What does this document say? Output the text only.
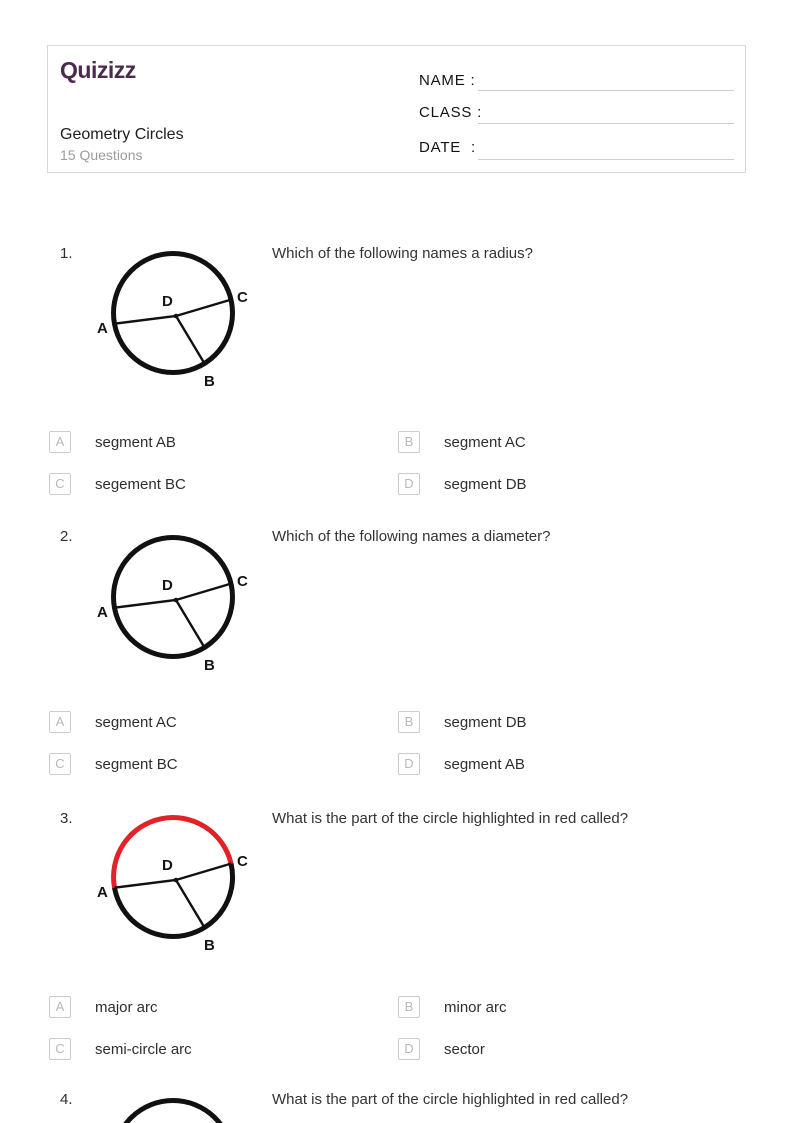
Quizizz
Geometry Circles
15 Questions
NAME :
CLASS :
DATE  :
1.	Which of the following names a radius?
A
D	C
B
A	segment AB	B	segment AC
C	segement BC	D	segment DB
2.	Which of the following names a diameter?
A
D	C
B
A	segment AC	B	segment DB
C	segment BC	D	segment AB
3.	What is the part of the circle highlighted in red called?
A
D	C
B
A	major arc	B	minor arc
C	semi-circle arc	D	sector
4.	What is the part of the circle highlighted in red called?
